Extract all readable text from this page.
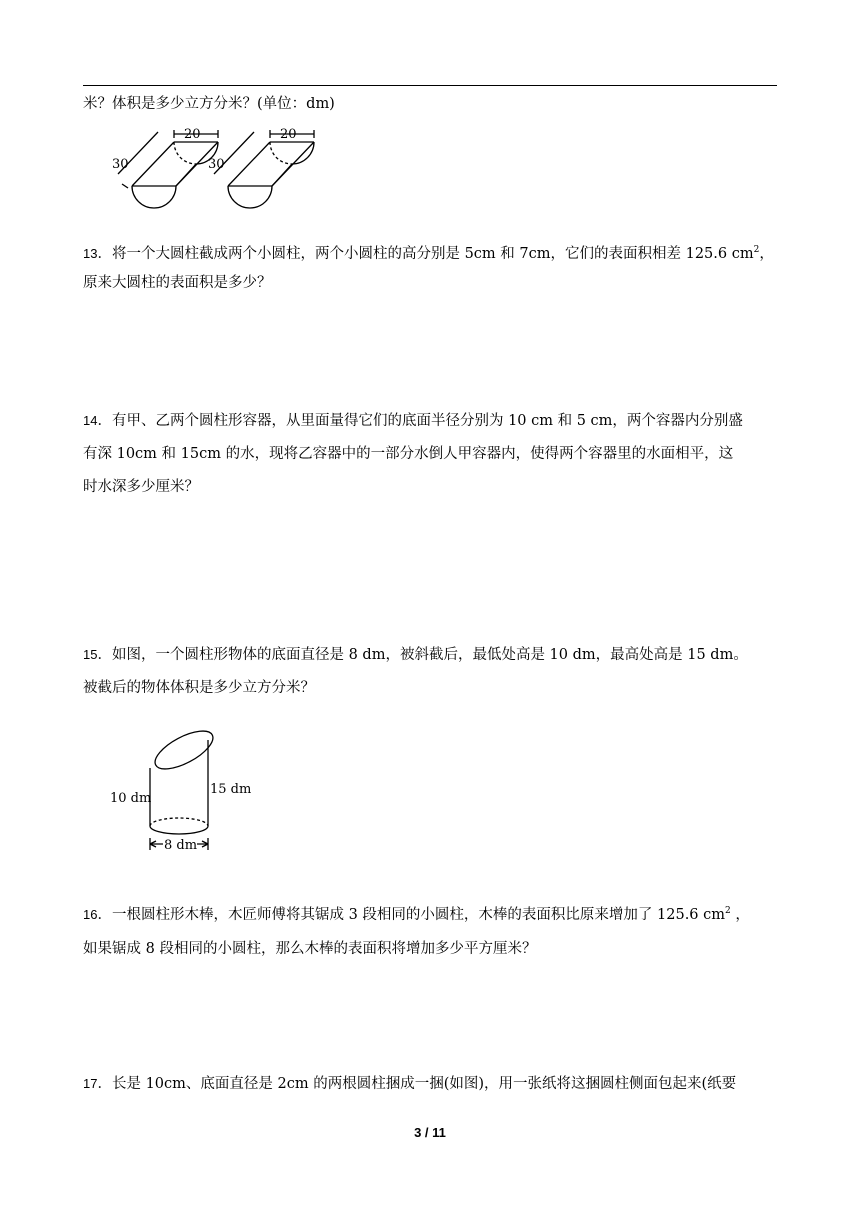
米？体积是多少立方分米？(单位：dm)
20
30
20
30
13．将一个大圆柱截成两个小圆柱，两个小圆柱的高分别是 5cm 和 7cm，它们的表面积相差 125.6 $cm^2$，
原来大圆柱的表面积是多少？
14．有甲、乙两个圆柱形容器，从里面量得它们的底面半径分别为 10 cm 和 5 cm，两个容器内分别盛
有深 10cm 和 15cm 的水，现将乙容器中的一部分水倒人甲容器内，使得两个容器里的水面相平，这
时水深多少厘米？
15．如图，一个圆柱形物体的底面直径是 8 dm，被斜截后，最低处高是 10 dm，最高处高是 15 dm。
被截后的物体体积是多少立方分米？
8 dm
10 dm
15 dm
16．一根圆柱形木棒，木匠师傅将其锯成 3 段相同的小圆柱，木棒的表面积比原来增加了 125.6 $cm^2$ ，
如果锯成 8 段相同的小圆柱，那么木棒的表面积将增加多少平方厘米？
17．长是 10cm、底面直径是 2cm 的两根圆柱捆成一捆(如图)，用一张纸将这捆圆柱侧面包起来(纸要
3 / 11
